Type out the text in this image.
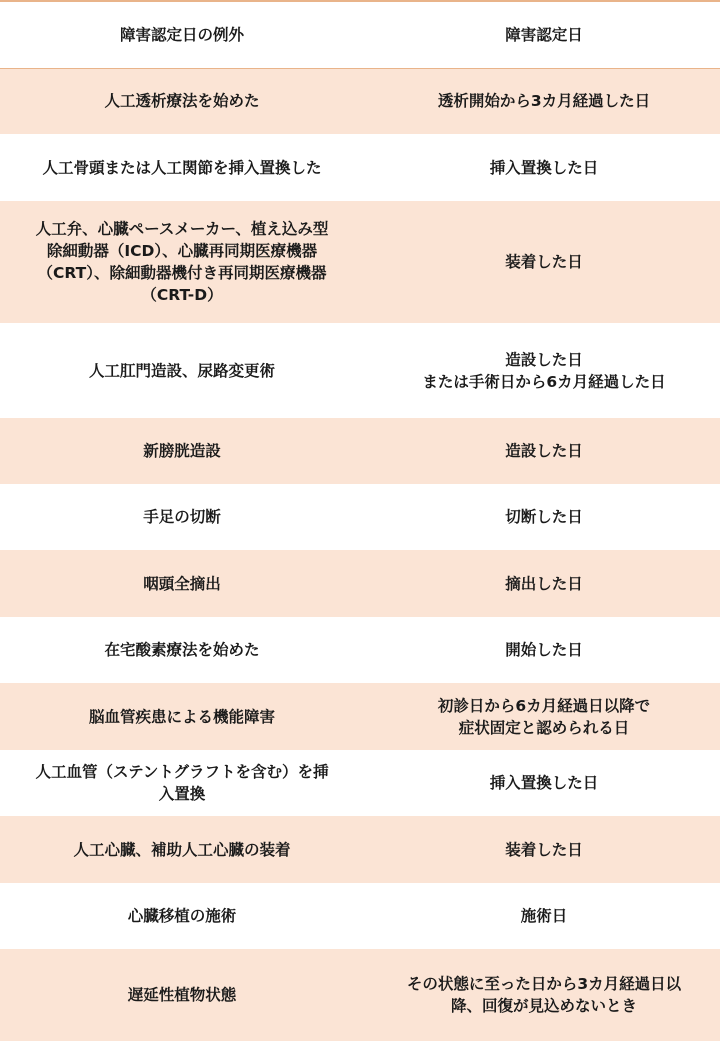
障害認定日の例外	障害認定日
人工透析療法を始めた	透析開始から3カ月経過した日
人工骨頭または人工関節を挿入置換した	挿入置換した日
人工弁、心臓ペースメーカー、植え込み型
除細動器（ICD）、心臓再同期医療機器
（CRT）、除細動器機付き再同期医療機器
（CRT-D）	装着した日
人工肛門造設、尿路変更術	造設した日
または手術日から6カ月経過した日
新膀胱造設	造設した日
手足の切断	切断した日
咽頭全摘出	摘出した日
在宅酸素療法を始めた	開始した日
脳血管疾患による機能障害	初診日から6カ月経過日以降で
症状固定と認められる日
人工血管（ステントグラフトを含む）を挿
入置換	挿入置換した日
人工心臓、補助人工心臓の装着	装着した日
心臓移植の施術	施術日
遅延性植物状態	その状態に至った日から3カ月経過日以
降、回復が見込めないとき
